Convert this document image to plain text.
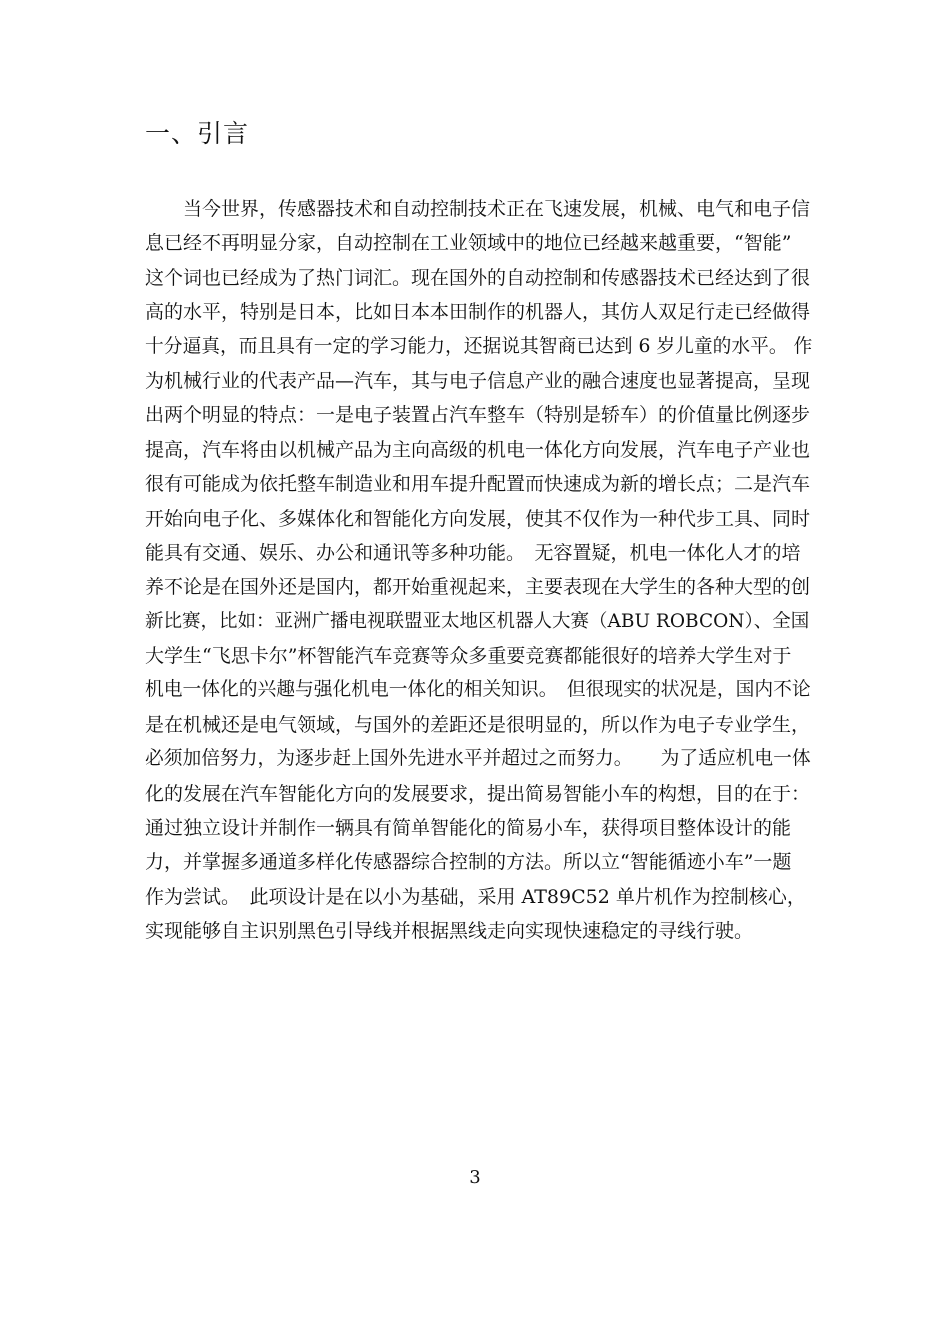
一、引言
　　当今世界，传感器技术和自动控制技术正在飞速发展，机械、电气和电子信
息已经不再明显分家，自动控制在工业领域中的地位已经越来越重要，“智能”
这个词也已经成为了热门词汇。现在国外的自动控制和传感器技术已经达到了很
高的水平，特别是日本，比如日本本田制作的机器人，其仿人双足行走已经做得
十分逼真，而且具有一定的学习能力，还据说其智商已达到 6 岁儿童的水平。 作
为机械行业的代表产品—汽车，其与电子信息产业的融合速度也显著提高，呈现
出两个明显的特点：一是电子装置占汽车整车（特别是轿车）的价值量比例逐步
提高，汽车将由以机械产品为主向高级的机电一体化方向发展，汽车电子产业也
很有可能成为依托整车制造业和用车提升配置而快速成为新的增长点；二是汽车
开始向电子化、多媒体化和智能化方向发展，使其不仅作为一种代步工具、同时
能具有交通、娱乐、办公和通讯等多种功能。　无容置疑，机电一体化人才的培
养不论是在国外还是国内，都开始重视起来，主要表现在大学生的各种大型的创
新比赛，比如：亚洲广播电视联盟亚太地区机器人大赛（ABU ROBCON）、全国
大学生“飞思卡尔”杯智能汽车竞赛等众多重要竞赛都能很好的培养大学生对于
机电一体化的兴趣与强化机电一体化的相关知识。　但很现实的状况是，国内不论
是在机械还是电气领域，与国外的差距还是很明显的，所以作为电子专业学生，
必须加倍努力，为逐步赶上国外先进水平并超过之而努力。　　为了适应机电一体
化的发展在汽车智能化方向的发展要求，提出简易智能小车的构想，目的在于：
通过独立设计并制作一辆具有简单智能化的简易小车，获得项目整体设计的能
力，并掌握多通道多样化传感器综合控制的方法。所以立“智能循迹小车”一题
作为尝试。　此项设计是在以小为基础，采用 AT89C52 单片机作为控制核心，
实现能够自主识别黑色引导线并根据黑线走向实现快速稳定的寻线行驶。
3
